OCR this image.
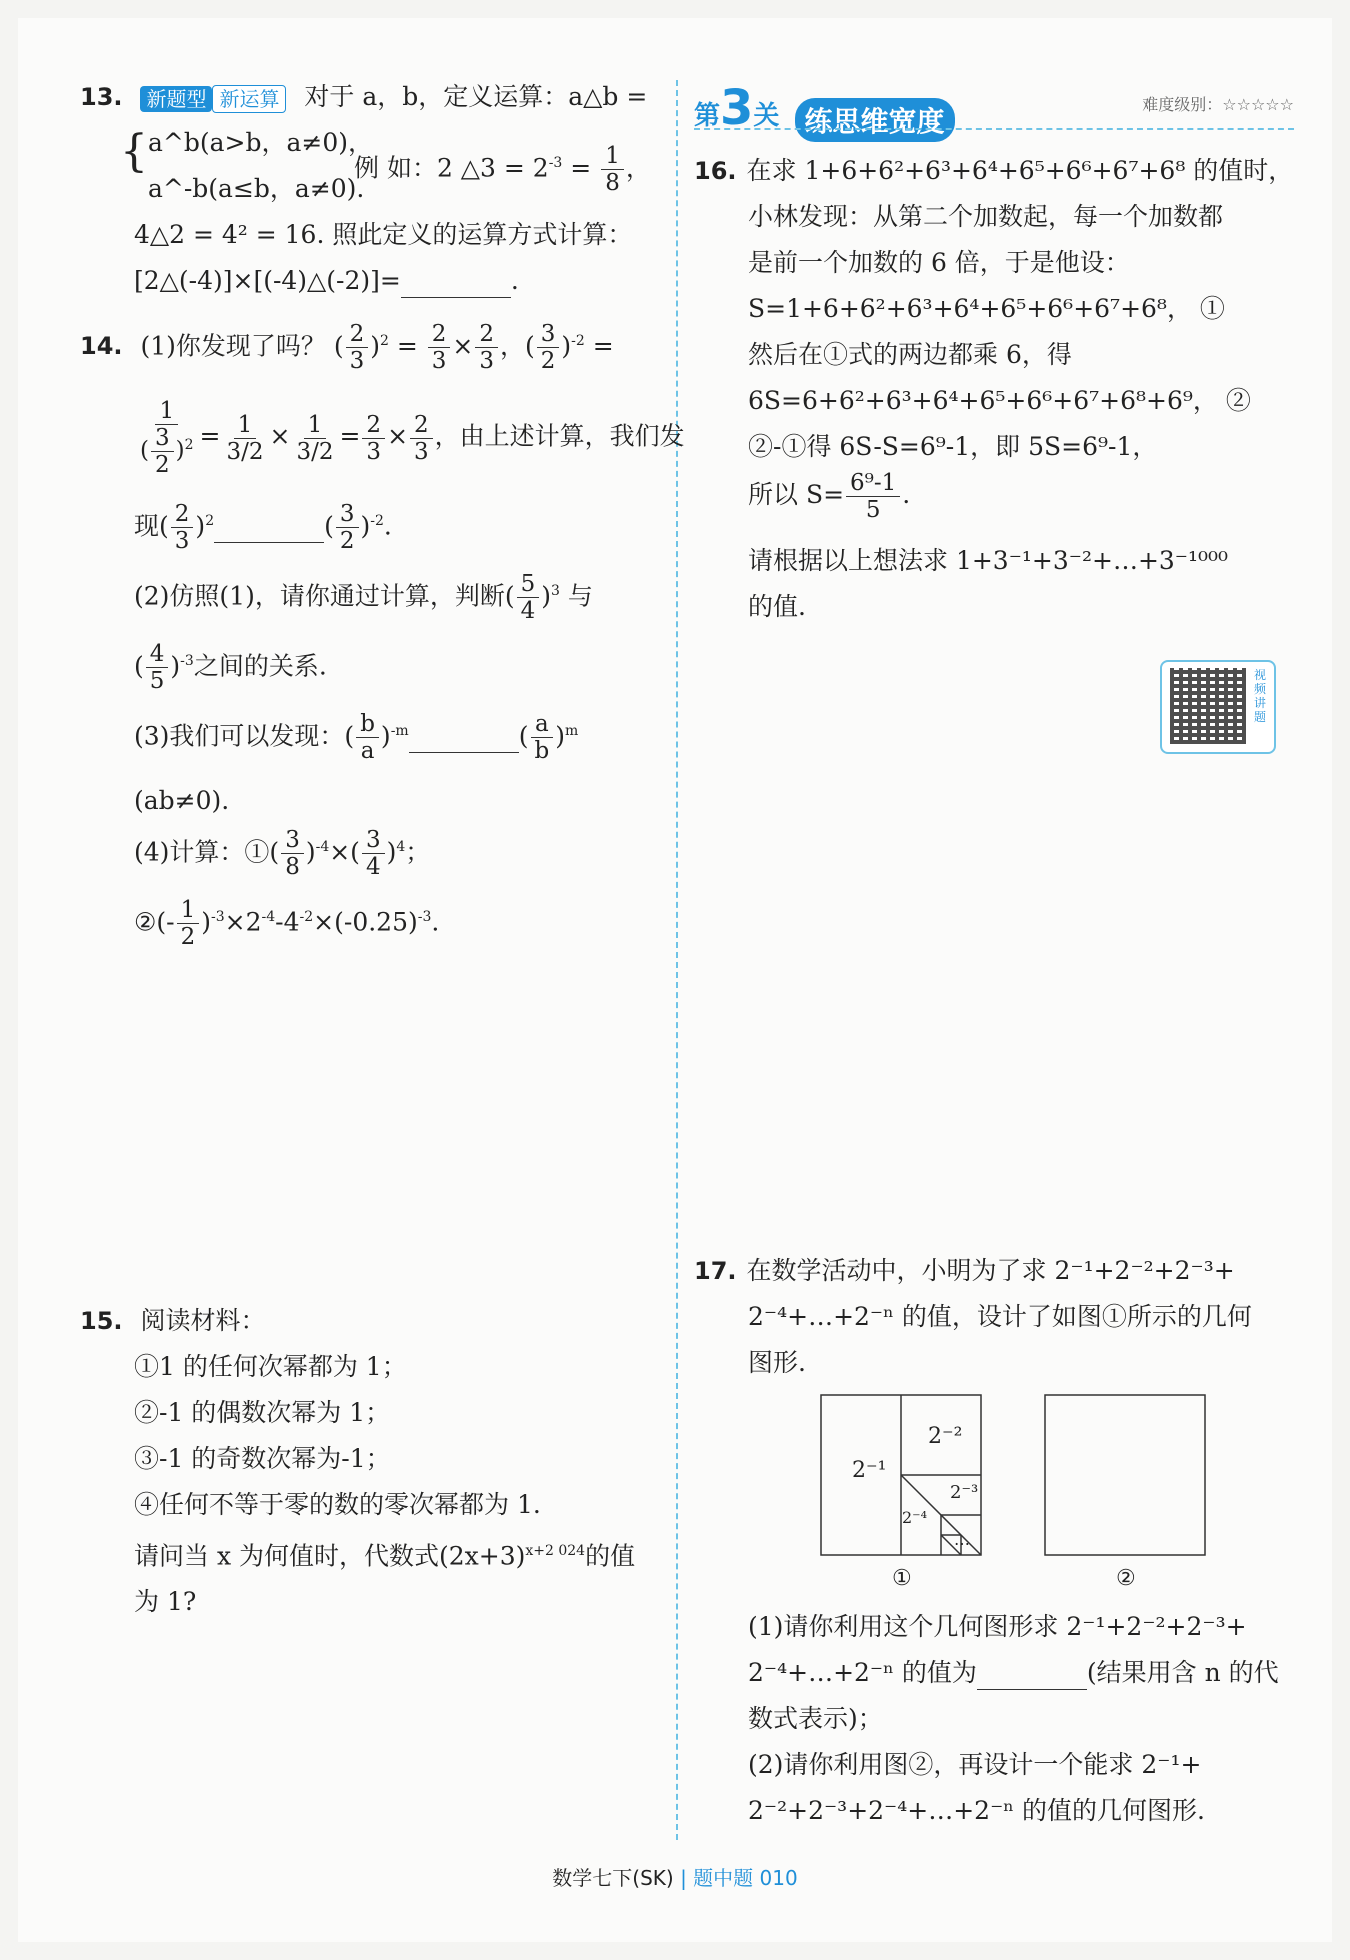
13. 新题型 新运算 对于 a，b，定义运算：a△b =
{ a^b(a>b，a≠0)，
a^-b(a≤b，a≠0).
例 如：2 △3 = $2^{-3} = \frac{1}{8}$ ，
4△2 = 4² = 16. 照此定义的运算方式计算：
[2△(-4)]×[(-4)△(-2)]=	.
14. (1)你发现了吗？ ( $\frac{2}{3} )^2 = \frac{2}{3} \times \frac{2}{3}$ ，( $\frac{3}{2} )^{-2}$ =
$\frac{1}{( \frac{3}{2} )^2} = \frac{1}{3/2} \times \frac{1}{3/2} = \frac{2}{3} \times \frac{2}{3}$ ，由上述计算，我们发
现( $\frac{2}{3} )^2$	( $\frac{3}{2} )^{-2}$.
(2)仿照(1)，请你通过计算，判断( $\frac{5}{4} )^3$ 与
( $\frac{4}{5} )^{-3}$之间的关系.
(3)我们可以发现：( $\frac{b}{a} )^{-m}$	( $\frac{a}{b} )^m$
(ab≠0).
(4)计算：①( $\frac{3}{8} )^{-4}\times( \frac{3}{4} )^4$；
②(- $\frac{1}{2} )^{-3}\times 2^{-4}-4^{-2}\times(-0.25)^{-3}$.
15. 阅读材料：
①1 的任何次幂都为 1；
②-1 的偶数次幂为 1；
③-1 的奇数次幂为-1；
④任何不等于零的数的零次幂都为 1.
请问当 x 为何值时，代数式$(2x+3)^{x+2 024}$的值
为 1?
第3关 练思维宽度	难度级别：☆☆☆☆☆
16. 在求 1+6+6²+6³+6⁴+6⁵+6⁶+6⁷+6⁸ 的值时，
小林发现：从第二个加数起，每一个加数都
是前一个加数的 6 倍，于是他设：
S=1+6+6²+6³+6⁴+6⁵+6⁶+6⁷+6⁸， ①
然后在①式的两边都乘 6，得
6S=6+6²+6³+6⁴+6⁵+6⁶+6⁷+6⁸+6⁹， ②
②-①得 6S-S=6⁹-1，即 5S=6⁹-1，
所以 $S= \frac{\text{6⁹-1}}{5}$ .
请根据以上想法求 1+3⁻¹+3⁻²+…+3⁻¹⁰⁰⁰
的值.
视频讲题
17. 在数学活动中，小明为了求 2⁻¹+2⁻²+2⁻³+
2⁻⁴+…+2⁻ⁿ 的值，设计了如图①所示的几何
图形.
2⁻¹
2⁻²
2⁻³
2⁻⁴
…
①	②
(1)请你利用这个几何图形求 2⁻¹+2⁻²+2⁻³+
2⁻⁴+…+2⁻ⁿ 的值为	(结果用含 n 的代
数式表示)；
(2)请你利用图②，再设计一个能求 2⁻¹+
2⁻²+2⁻³+2⁻⁴+…+2⁻ⁿ 的值的几何图形.
数学七下(SK) | 题中题 010
